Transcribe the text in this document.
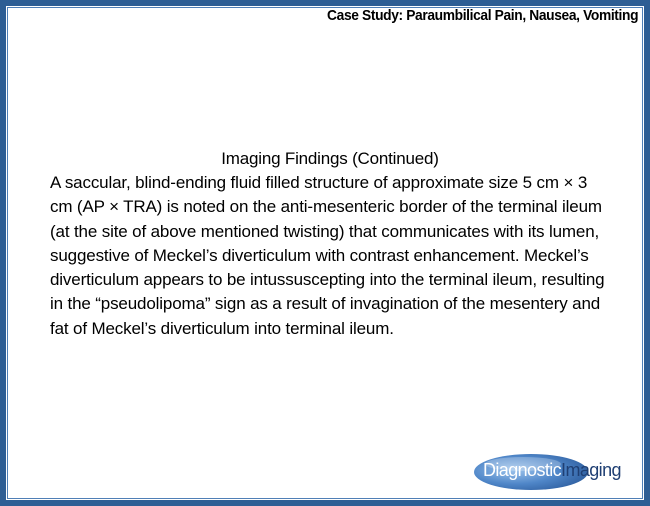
Case Study: Paraumbilical Pain, Nausea, Vomiting
Imaging Findings (Continued)

A saccular, blind-ending fluid filled structure of approximate size 5 cm × 3 cm (AP × TRA) is noted on the anti-mesenteric border of the terminal ileum (at the site of above mentioned twisting) that communicates with its lumen, suggestive of Meckel’s diverticulum with contrast enhancement. Meckel’s diverticulum appears to be intussuscepting into the terminal ileum, resulting in the “pseudolipoma” sign as a result of invagination of the mesentery and fat of Meckel’s diverticulum into terminal ileum.

DiagnosticImaging
